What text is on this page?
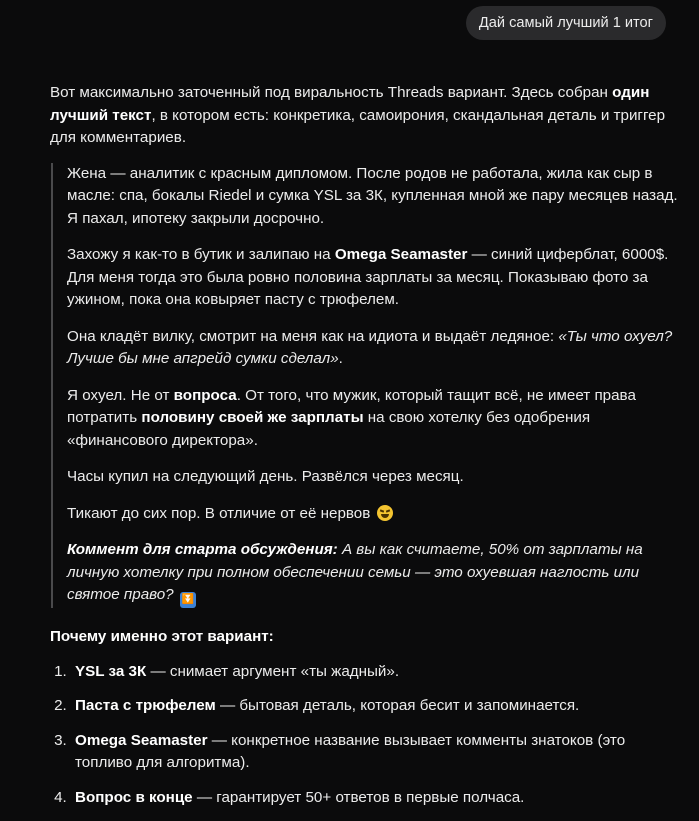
Дай самый лучший 1 итог

Вот максимально заточенный под виральность Threads вариант. Здесь собран один лучший текст, в котором есть: конкретика, самоирония, скандальная деталь и триггер для комментариев.

Жена — аналитик с красным дипломом. После родов не работала, жила как сыр в масле: спа, бокалы Riedel и сумка YSL за 3К, купленная мной же пару месяцев назад. Я пахал, ипотеку закрыли досрочно.

Захожу я как-то в бутик и залипаю на Omega Seamaster — синий циферблат, 6000$. Для меня тогда это была ровно половина зарплаты за месяц. Показываю фото за ужином, пока она ковыряет пасту с трюфелем.

Она кладёт вилку, смотрит на меня как на идиота и выдаёт ледяное: «Ты что охуел? Лучше бы мне апгрейд сумки сделал».

Я охуел. Не от вопроса. От того, что мужик, который тащит всё, не имеет права потратить половину своей же зарплаты на свою хотелку без одобрения «финансового директора».

Часы купил на следующий день. Развёлся через месяц.

Тикают до сих пор. В отличие от её нервов

Коммент для старта обсуждения: А вы как считаете, 50% от зарплаты на личную хотелку при полном обеспечении семьи — это охуевшая наглость или святое право? ⏬

Почему именно этот вариант:

1. YSL за 3К — снимает аргумент «ты жадный».
2. Паста с трюфелем — бытовая деталь, которая бесит и запоминается.
3. Omega Seamaster — конкретное название вызывает комменты знатоков (это топливо для алгоритма).
4. Вопрос в конце — гарантирует 50+ ответов в первые полчаса.
